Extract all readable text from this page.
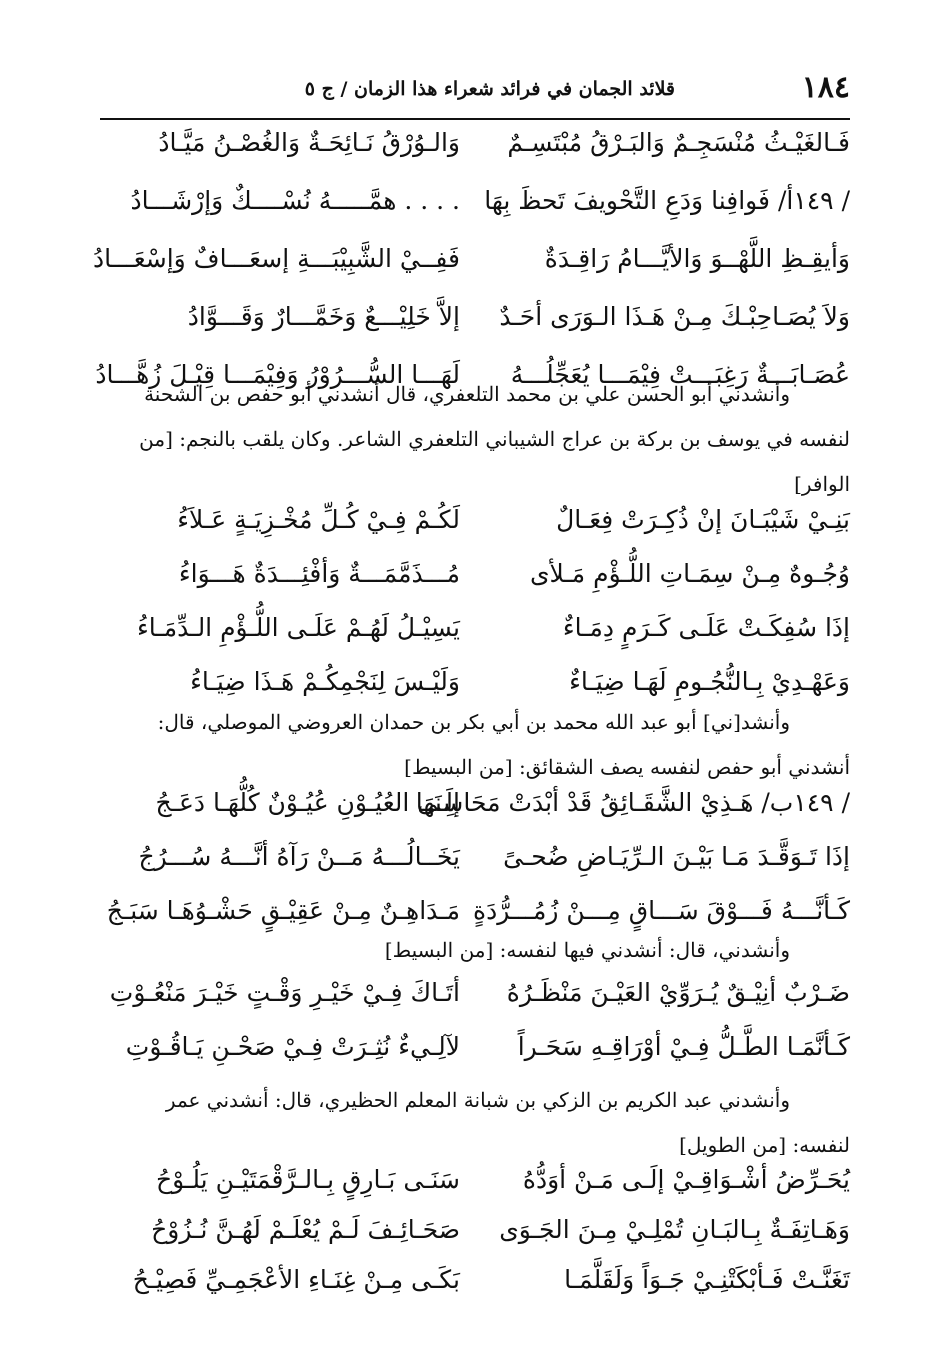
١٨٤
قلائد الجمان في فرائد شعراء هذا الزمان / ج ٥
فَـالغَيْـثُ مُنْسَجِـمٌ وَالبَـرْقُ مُبْتَسِـمٌ
وَالـوُرْقُ نَـائِحَـةٌ وَالغُصْـنُ مَيَّـادُ
/ ١٤٩أ/ فَوافِنا وَدَعِ التَّحْويفَ تَحظَ بِهَا
. . . . همَّـــــهُ نُسْــــكٌ وَإرْشَـــادُ
وَأيقِـظِ اللَّهْــوَ وَالأيَّـــامُ رَاقِـدَةٌ
فَفِــيْ الشَّبِيْبَـــةِ إسعَـــافٌ وَإسْعَـــادُ
وَلاَ يُصَـاحِبْـكَ مِـنْ هَـذَا الـوَرَى أحَـدٌ
إلاَّ خَلِيْـــعٌ وَخَمَّـــارٌ وَقَـــوَّادُ
عُصَـابَـــةٌ رَغِبَـــتْ فِيْمَـــا يُعَجِّلُـــهُ
لَهَـــا السُّـــرُوْرُ وَفِيْمَـــا قِيْـلَ زُهَّـــادُ

وأنشدني أبو الحسن علي بن محمد التلعفري، قال أنشدني أبو حفص بن الشحنة

لنفسه في يوسف بن بركة بن عراج الشيباني التلعفري الشاعر. وكان يلقب بالنجم: [من

الوافر]

بَنِـيْ شَيْبَـانَ إنْ ذُكِـرَتْ فِعَـالٌ
لَكُـمْ فِـيْ كُـلِّ مُخْـزِيَـةٍ عَـلاَءُ
وُجُـوهٌ مِـنْ سِمَـاتِ اللُّـؤْمِ مَـلأى
مُـــذَمَّمَـــةٌ وَأفْئِـــدَةٌ هَـــوَاءُ
إذَا سُفِكَـتْ عَلَـى كَـرَمٍ دِمَـاءٌ
يَسِيْـلُ لَهُـمْ عَلَـى اللُّـؤْمِ الـدِّمَـاءُ
وَعَهْـدِيْ بِـالنُّجُـومِ لَهَـا ضِيَـاءٌ
وَلَيْـسَ لِنَجْمِكُـمْ هَـذَا ضِيَـاءُ

وأنشد[ني] أبو عبد الله محمد بن أبي بكر بن حمدان العروضي الموصلي، قال:

أنشدني أبو حفص لنفسه يصف الشقائق: [من البسيط]

/ ١٤٩ب/ هَـذِيْ الشَّقَـائِقُ قَدْ أبْدَتْ مَحَاسِنَهَا
إلَـى العُيُـوْنِ عُيُـوْنٌ كُلُّهَـا دَعَـجُ
إذَا تَـوَقَّـدَ مَـا بَيْـنَ الـرِّيَـاضِ ضُحـىً
يَخَــالُـــهُ مَــنْ رَآهُ أنَّـــهُ سُـــرُجُ
كَـأنَّـــهُ فَـــوْقَ سَـــاقٍ مِـــنْ زُمُـــرُّدَةٍ
مَـدَاهِـنٌ مِـنْ عَقِيْـقٍ حَشْـوُهَـا سَبَـجُ

وأنشدني، قال: أنشدني فيها لنفسه: [من البسيط]

ضَـرْبٌ أنِيْـقٌ يُـرَوِّيْ العَيْـنَ مَنْظَـرُهُ
أتَـاكَ فِـيْ خَيْـرِ وَقْـتٍ خَيْـرَ مَنْعُـوْتِ
كَـأنَّمَـا الطَّـلُّ فِـيْ أوْرَاقِـهِ سَحَـراً
لآلِـيءٌ نُثِـرَتْ فِـيْ صَحْـنِ يَـاقُـوْتِ

وأنشدني عبد الكريم بن الزكي بن شبانة المعلم الحظيري، قال: أنشدني عمر

لنفسه: [من الطويل]

يُحَـرِّضُ أشْـوَاقِـيْ إلَـى مَـنْ أوَدُّهُ
سَنَـى بَـارِقٍ بِـالـرَّقْمَتَيْـنِ يَلُـوْحُ
وَهَـاتِفَـةٌ بِـالبَـانِ تُمْلِـيْ مِـنَ الجَـوَى
صَحَـائِـفَ لَـمْ يُعْلَـمْ لَهُـنَّ نُـزُوْحُ
تَغَنَّـتْ فَـأبْكَتْنِـيْ جَـوَاً وَلَقَلَّمَـا
بَكَـى مِـنْ غِنَـاءِ الأعْجَمِـيِّ فَصِيْـحُ
